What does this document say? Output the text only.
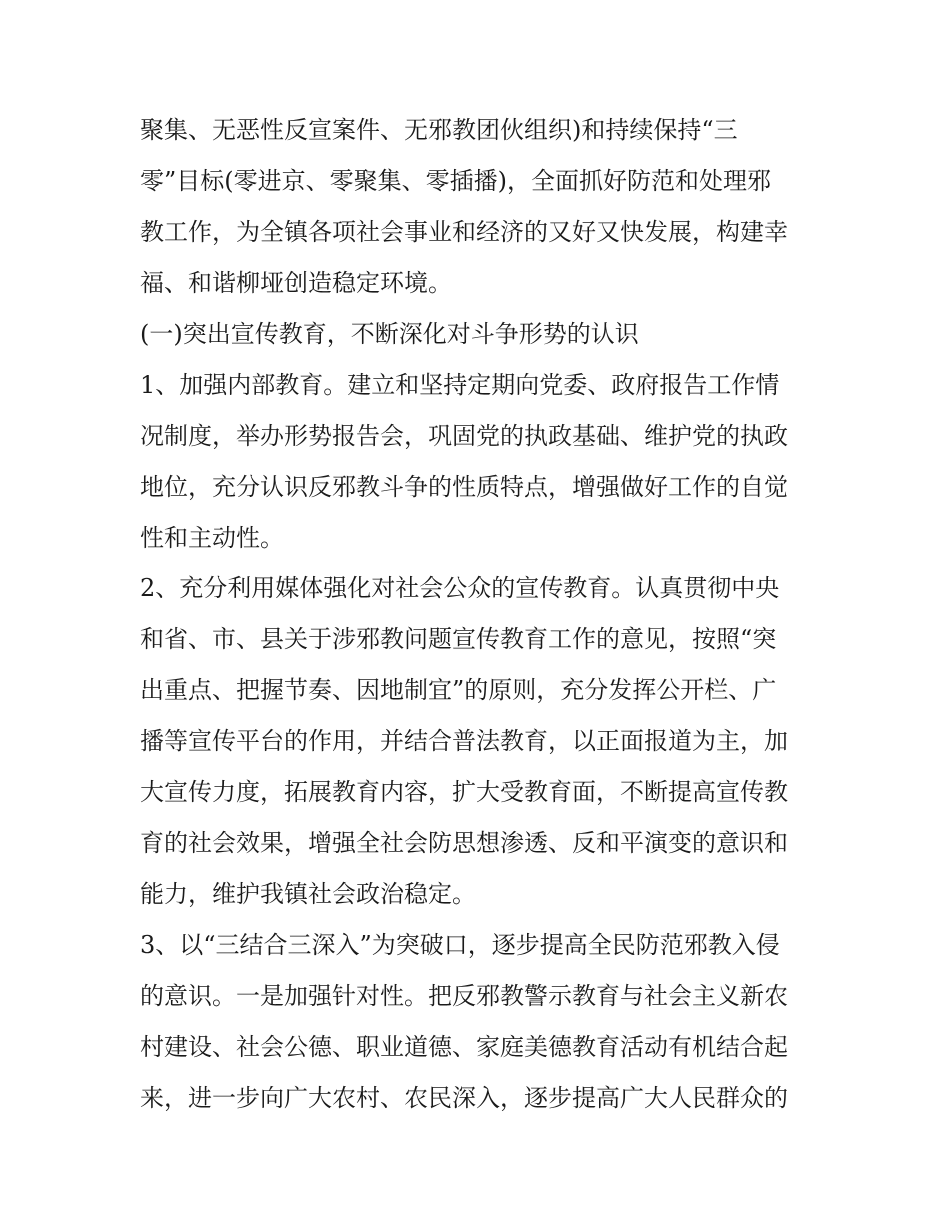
聚集、无恶性反宣案件、无邪教团伙组织)和持续保持“三
零”目标(零进京、零聚集、零插播)，全面抓好防范和处理邪
教工作，为全镇各项社会事业和经济的又好又快发展，构建幸
福、和谐柳垭创造稳定环境。
(一)突出宣传教育，不断深化对斗争形势的认识
1、加强内部教育。建立和坚持定期向党委、政府报告工作情
况制度，举办形势报告会，巩固党的执政基础、维护党的执政
地位，充分认识反邪教斗争的性质特点，增强做好工作的自觉
性和主动性。
2、充分利用媒体强化对社会公众的宣传教育。认真贯彻中央
和省、市、县关于涉邪教问题宣传教育工作的意见，按照“突
出重点、把握节奏、因地制宜”的原则，充分发挥公开栏、广
播等宣传平台的作用，并结合普法教育，以正面报道为主，加
大宣传力度，拓展教育内容，扩大受教育面，不断提高宣传教
育的社会效果，增强全社会防思想渗透、反和平演变的意识和
能力，维护我镇社会政治稳定。
3、以“三结合三深入”为突破口，逐步提高全民防范邪教入侵
的意识。一是加强针对性。把反邪教警示教育与社会主义新农
村建设、社会公德、职业道德、家庭美德教育活动有机结合起
来，进一步向广大农村、农民深入，逐步提高广大人民群众的
